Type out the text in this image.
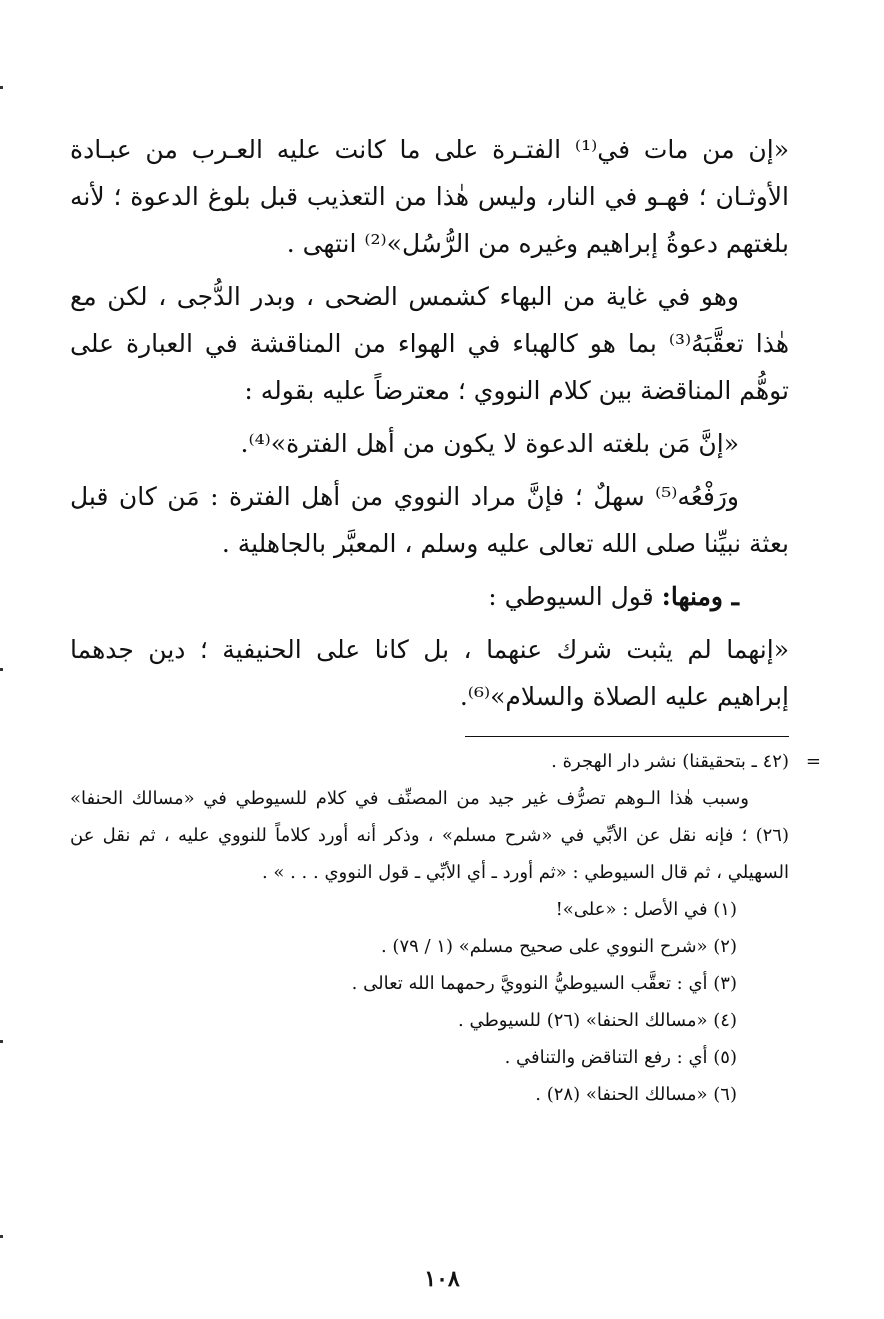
«إن من مات في⁽¹⁾ الفتـرة على ما كانت عليه العـرب من عبـادة الأوثـان ؛ فهـو في النار، وليس هٰذا من التعذيب قبل بلوغ الدعوة ؛ لأنه بلغتهم دعوةُ إبراهيم وغيره من الرُّسُل»⁽²⁾ انتهى .

وهو في غاية من البهاء كشمس الضحى ، وبدر الدُّجى ، لكن مع هٰذا تعقَّبَهُ⁽³⁾ بما هو كالهباء في الهواء من المناقشة في العبارة على توهُّم المناقضة بين كلام النووي ؛ معترضاً عليه بقوله :

«إنَّ مَن بلغته الدعوة لا يكون من أهل الفترة»⁽⁴⁾.

ورَفْعُه⁽⁵⁾ سهلٌ ؛ فإنَّ مراد النووي من أهل الفترة : مَن كان قبل بعثة نبيِّنا صلى الله تعالى عليه وسلم ، المعبَّر بالجاهلية .

ـ ومنها: قول السيوطي :

«إنهما لم يثبت شرك عنهما ، بل كانا على الحنيفية ؛ دين جدهما إبراهيم عليه الصلاة والسلام»⁽⁶⁾.

=
(٤٢ ـ بتحقيقنا) نشر دار الهجرة .

وسبب هٰذا الـوهم تصرُّف غير جيد من المصنِّف في كلام للسيوطي في «مسالك الحنفا» (٢٦) ؛ فإنه نقل عن الأبِّي في «شرح مسلم» ، وذكر أنه أورد كلاماً للنووي عليه ، ثم نقل عن السهيلي ، ثم قال السيوطي : «ثم أورد ـ أي الأبِّي ـ قول النووي . . . » .

(١) في الأصل : «على»!

(٢) «شرح النووي على صحيح مسلم» (١ / ٧٩) .

(٣) أي : تعقَّب السيوطيُّ النوويَّ رحمهما الله تعالى .

(٤) «مسالك الحنفا» (٢٦) للسيوطي .

(٥) أي : رفع التناقض والتنافي .

(٦) «مسالك الحنفا» (٢٨) .

١٠٨
